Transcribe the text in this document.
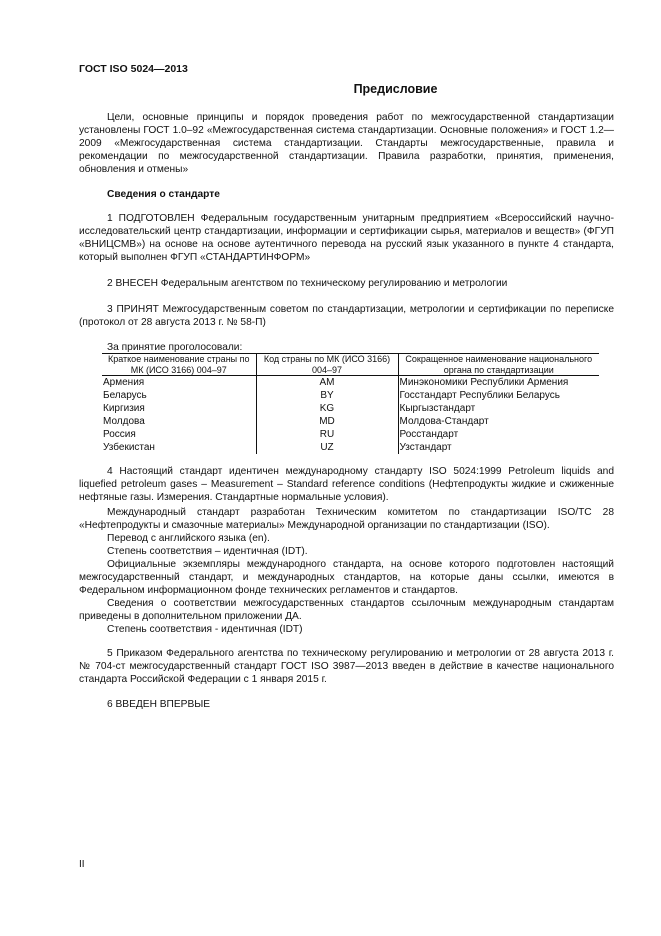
ГОСТ ISO 5024—2013
Предисловие
Цели, основные принципы и порядок проведения работ по межгосударственной стандартизации установлены ГОСТ 1.0–92 «Межгосударственная система стандартизации. Основные положения» и ГОСТ 1.2—2009 «Межгосударственная система стандартизации. Стандарты межгосударственные, правила и рекомендации по межгосударственной стандартизации. Правила разработки, принятия, применения, обновления и отмены»
Сведения о стандарте
1 ПОДГОТОВЛЕН Федеральным государственным унитарным предприятием «Всероссийский научно-исследовательский центр стандартизации, информации и сертификации сырья, материалов и веществ» (ФГУП «ВНИЦСМВ») на основе на основе аутентичного перевода на русский язык указанного в пункте 4 стандарта, который выполнен ФГУП «СТАНДАРТИНФОРМ»
2 ВНЕСЕН Федеральным агентством по техническому регулированию и метрологии
3 ПРИНЯТ Межгосударственным советом по стандартизации, метрологии и сертификации по переписке (протокол от 28 августа 2013 г. № 58-П)
За принятие проголосовали:
Краткое наименование страны по МК (ИСО 3166) 004–97	Код страны по МК (ИСО 3166) 004–97	Сокращенное наименование национального органа по стандартизации
Армения	AM	Минэкономики Республики Армения
Беларусь	BY	Госстандарт Республики Беларусь
Киргизия	KG	Кыргызстандарт
Молдова	MD	Молдова-Стандарт
Россия	RU	Росстандарт
Узбекистан	UZ	Узстандарт
4 Настоящий стандарт идентичен международному стандарту ISO 5024:1999 Petroleum liquids and liquefied petroleum gases – Measurement – Standard reference conditions (Нефтепродукты жидкие и сжиженные нефтяные газы. Измерения. Стандартные нормальные условия).
Международный стандарт разработан Техническим комитетом по стандартизации ISO/TC 28 «Нефтепродукты и смазочные материалы» Международной организации по стандартизации (ISO).
Перевод с английского языка (en).
Степень соответствия – идентичная (IDT).
Официальные экземпляры международного стандарта, на основе которого подготовлен настоящий межгосударственный стандарт, и международных стандартов, на которые даны ссылки, имеются в Федеральном информационном фонде технических регламентов и стандартов.
Сведения о соответствии межгосударственных стандартов ссылочным международным стандартам приведены в дополнительном приложении ДА.
Степень соответствия - идентичная (IDT)
5 Приказом Федерального агентства по техническому регулированию и метрологии от 28 августа 2013 г. № 704-ст межгосударственный стандарт ГОСТ ISO 3987—2013 введен в действие в качестве национального стандарта Российской Федерации с 1 января 2015 г.
6 ВВЕДЕН ВПЕРВЫЕ
II
